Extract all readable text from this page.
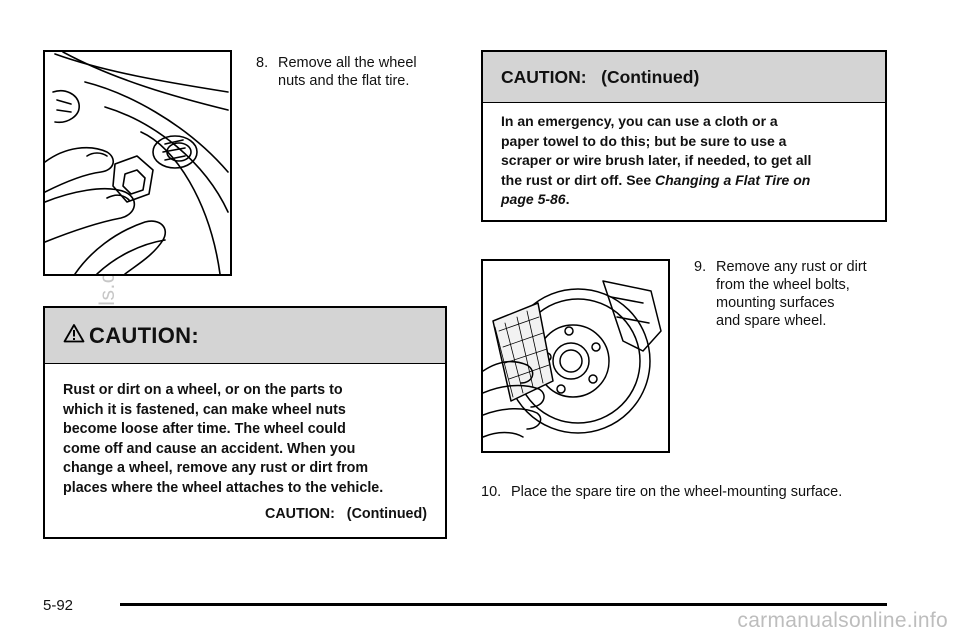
8. Remove all the wheel
nuts and the flat tire.
CAUTION:
Rust or dirt on a wheel, or on the parts to
which it is fastened, can make wheel nuts
become loose after time. The wheel could
come off and cause an accident. When you
change a wheel, remove any rust or dirt from
places where the wheel attaches to the vehicle.
CAUTION:   (Continued)
CAUTION:   (Continued)
In an emergency, you can use a cloth or a
paper towel to do this; but be sure to use a
scraper or wire brush later, if needed, to get all
the rust or dirt off. See Changing a Flat Tire on
page 5-86.
9. Remove any rust or dirt
from the wheel bolts,
mounting surfaces
and spare wheel.
10. Place the spare tire on the wheel-mounting surface.
5-92
carmanualsonline.info
